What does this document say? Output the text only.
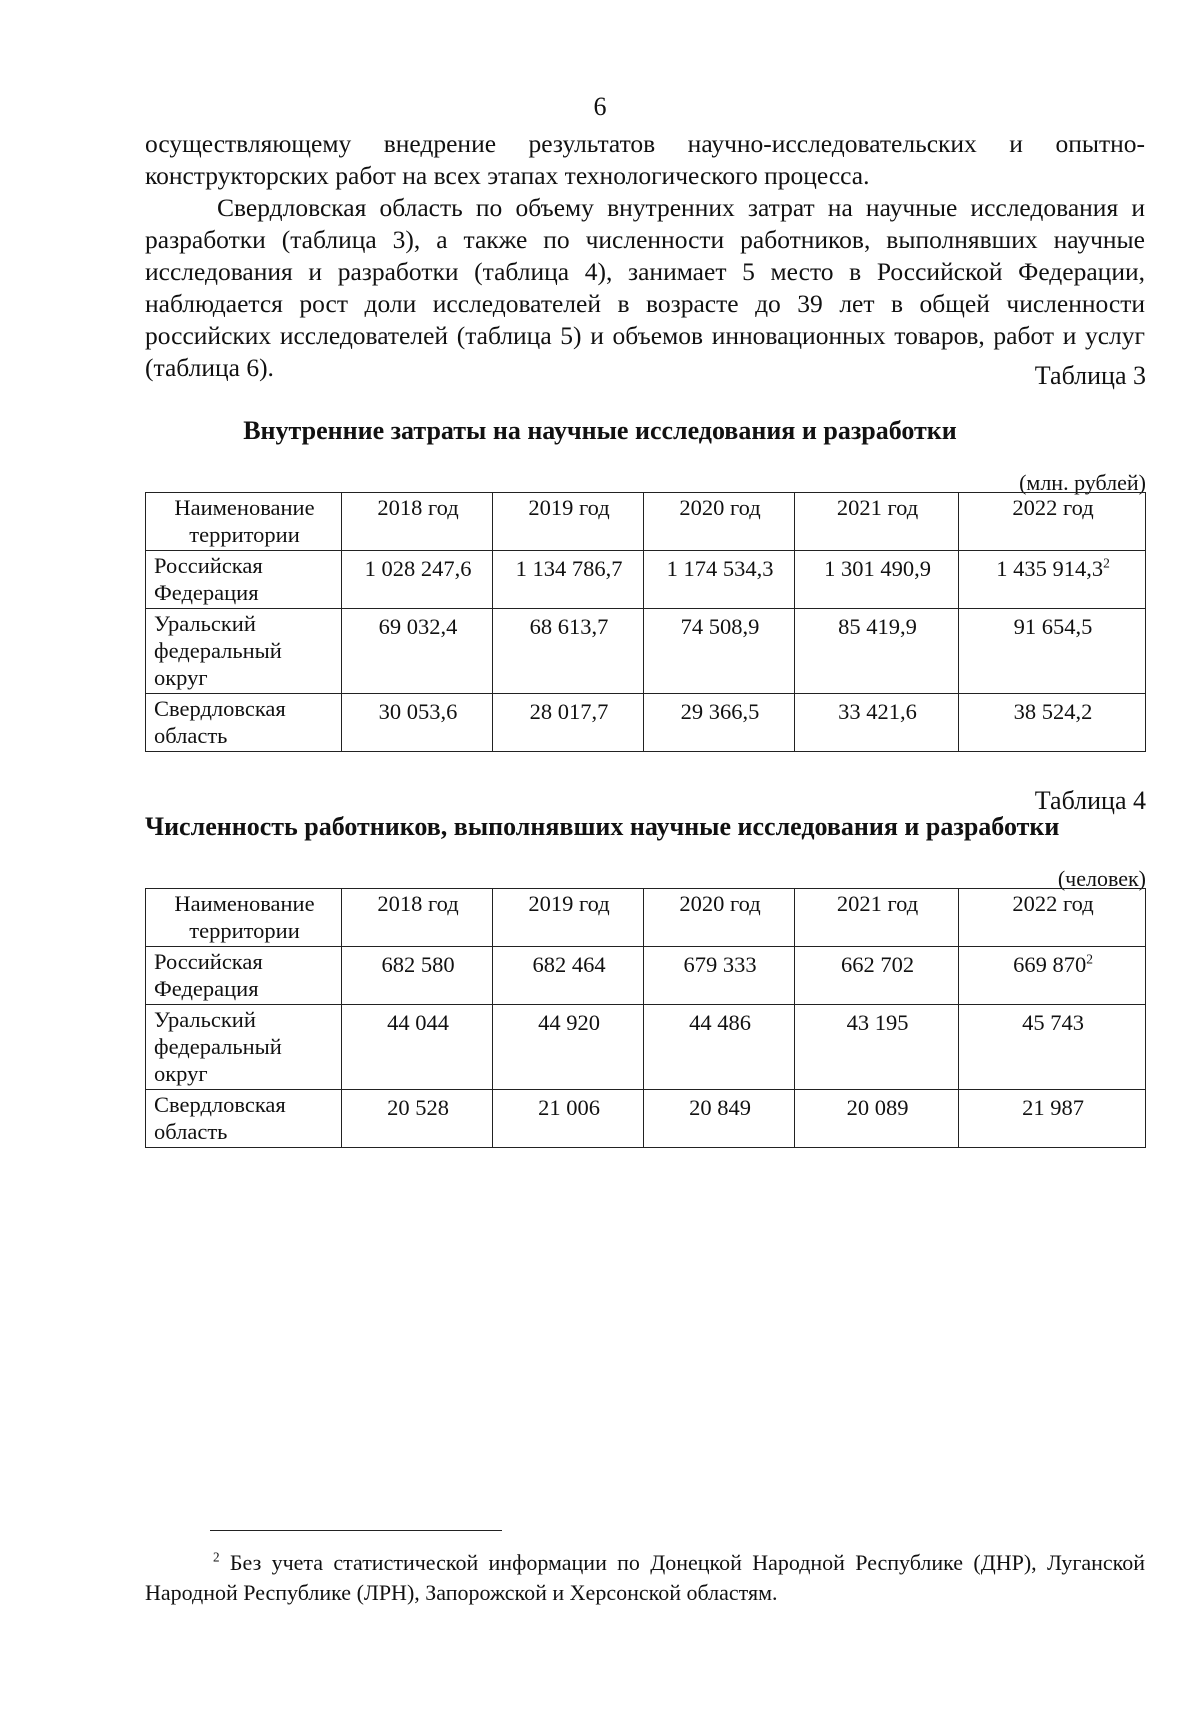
6

осуществляющему внедрение результатов научно-исследовательских и опытно-конструкторских работ на всех этапах технологического процесса.

Свердловская область по объему внутренних затрат на научные исследования и разработки (таблица 3), а также по численности работников, выполнявших научные исследования и разработки (таблица 4), занимает 5 место в Российской Федерации, наблюдается рост доли исследователей в возрасте до 39 лет в общей численности российских исследователей (таблица 5) и объемов инновационных товаров, работ и услуг (таблица 6).	Таблица 3
Внутренние затраты на научные исследования и разработки
(млн. рублей)
Наименование территории	2018 год	2019 год	2020 год	2021 год	2022 год
Российская Федерация	1 028 247,6	1 134 786,7	1 174 534,3	1 301 490,9	1 435 914,3$^2$
Уральский федеральный округ	69 032,4	68 613,7	74 508,9	85 419,9	91 654,5
Свердловская область	30 053,6	28 017,7	29 366,5	33 421,6	38 524,2
Таблица 4
Численность работников, выполнявших научные исследования и разработки
(человек)
Наименование территории	2018 год	2019 год	2020 год	2021 год	2022 год
Российская Федерация	682 580	682 464	679 333	662 702	669 $870^2$
Уральский федеральный округ	44 044	44 920	44 486	43 195	45 743
Свердловская область	20 528	21 006	20 849	20 089	21 987

$^2$ Без учета статистической информации по Донецкой Народной Республике (ДНР), Луганской Народной Республике (ЛРН), Запорожской и Херсонской областям.
